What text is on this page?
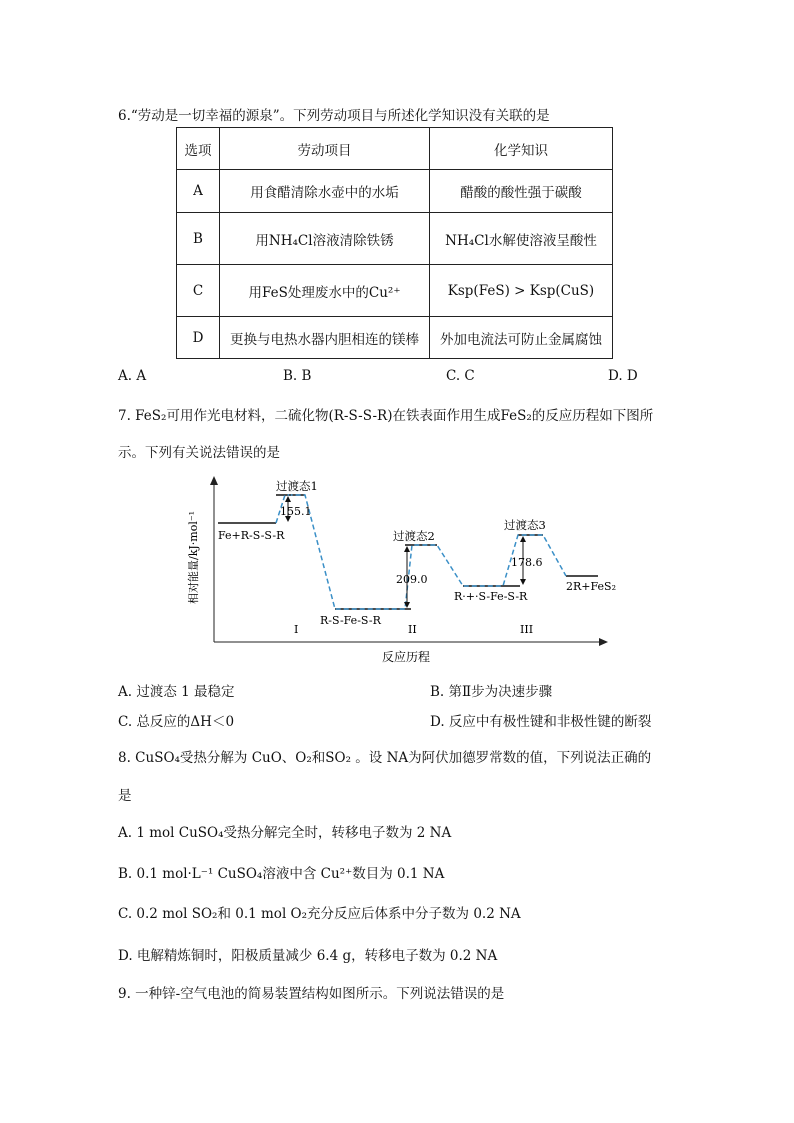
6.“劳动是一切幸福的源泉”。下列劳动项目与所述化学知识没有关联的是
选项	劳动项目	化学知识
A	用食醋清除水壶中的水垢	醋酸的酸性强于碳酸
B	用NH₄Cl溶液清除铁锈	NH₄Cl水解使溶液呈酸性
C	用FeS处理废水中的Cu²⁺	Ksp(FeS) > Ksp(CuS)
D	更换与电热水器内胆相连的镁棒	外加电流法可防止金属腐蚀
A. A	B. B	C. C	D. D
7. FeS₂可用作光电材料，二硫化物(R-S-S-R)在铁表面作用生成FeS₂的反应历程如下图所
示。下列有关说法错误的是
相对能量/kJ·mol⁻¹
反应历程
Fe+R-S-S-R
过渡态1
R-S-Fe-S-R
过渡态2
R·+·S-Fe-S-R
过渡态3
2R+FeS₂
155.1
209.0
178.6
I	II	III
A. 过渡态 1 最稳定	B. 第Ⅱ步为决速步骤
C. 总反应的ΔH＜0	D. 反应中有极性键和非极性键的断裂
8. CuSO₄受热分解为 CuO、O₂和SO₂ 。设 NA为阿伏加德罗常数的值，下列说法正确的
是
A. 1 mol CuSO₄受热分解完全时，转移电子数为 2 NA
B. 0.1 mol·L⁻¹ CuSO₄溶液中含 Cu²⁺数目为 0.1 NA
C. 0.2 mol SO₂和 0.1 mol O₂充分反应后体系中分子数为 0.2 NA
D. 电解精炼铜时，阳极质量减少 6.4 g，转移电子数为 0.2 NA
9. 一种锌-空气电池的简易装置结构如图所示。下列说法错误的是
